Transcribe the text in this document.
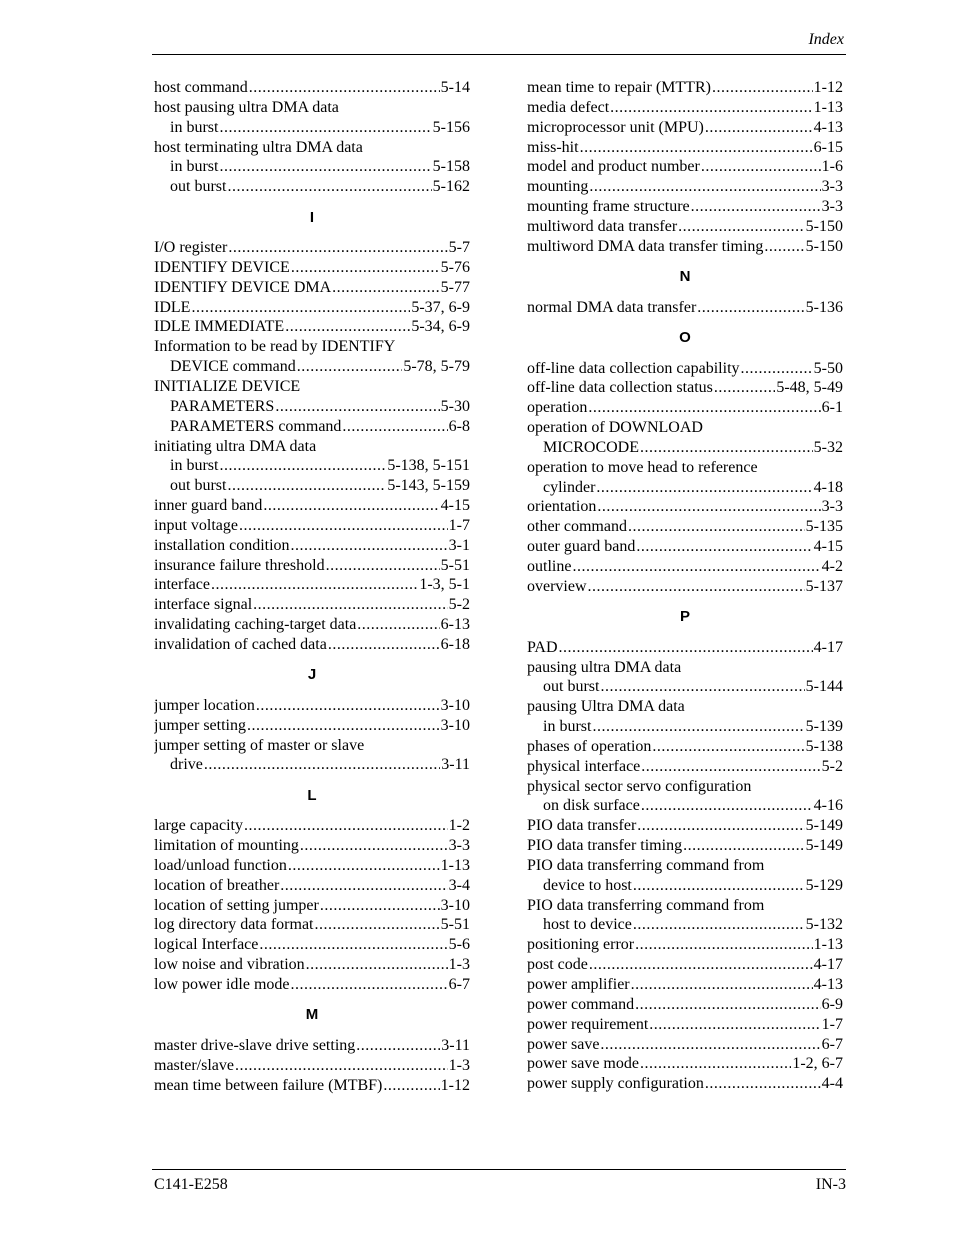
Index
host command .....	5-14
host pausing ultra DMA data
in burst .....	5-156
host terminating ultra DMA data
in burst .....	5-158
out burst .....	5-162
I
I/O register .....	5-7
IDENTIFY DEVICE .....	5-76
IDENTIFY DEVICE DMA .....	5-77
IDLE .....	5-37, 6-9
IDLE IMMEDIATE .....	5-34, 6-9
Information to be read by IDENTIFY
DEVICE command .....	5-78, 5-79
INITIALIZE DEVICE
PARAMETERS .....	5-30
PARAMETERS command .....	6-8
initiating ultra DMA data
in burst .....	5-138, 5-151
out burst .....	5-143, 5-159
inner guard band .....	4-15
input voltage .....	1-7
installation condition .....	3-1
insurance failure threshold .....	5-51
interface .....	1-3, 5-1
interface signal .....	5-2
invalidating caching-target data .....	6-13
invalidation of cached data .....	6-18
J
jumper location .....	3-10
jumper setting .....	3-10
jumper setting of master or slave
drive .....	3-11
L
large capacity .....	1-2
limitation of mounting .....	3-3
load/unload function .....	1-13
location of breather .....	3-4
location of setting jumper .....	3-10
log directory data format .....	5-51
logical Interface .....	5-6
low noise and vibration .....	1-3
low power idle mode .....	6-7
M
master drive-slave drive setting .....	3-11
master/slave .....	1-3
mean time between failure (MTBF) .....	1-12
mean time to repair (MTTR) .....	1-12
media defect .....	1-13
microprocessor unit (MPU) .....	4-13
miss-hit .....	6-15
model and product number .....	1-6
mounting .....	3-3
mounting frame structure .....	3-3
multiword data transfer .....	5-150
multiword DMA data transfer timing .....	5-150
N
normal DMA data transfer .....	5-136
O
off-line data collection capability .....	5-50
off-line data collection status .....	5-48, 5-49
operation .....	6-1
operation of DOWNLOAD
MICROCODE .....	5-32
operation to move head to reference
cylinder .....	4-18
orientation .....	3-3
other command .....	5-135
outer guard band .....	4-15
outline .....	4-2
overview .....	5-137
P
PAD .....	4-17
pausing ultra DMA data
out burst .....	5-144
pausing Ultra DMA data
in burst .....	5-139
phases of operation .....	5-138
physical interface .....	5-2
physical sector servo configuration
on disk surface .....	4-16
PIO data transfer .....	5-149
PIO data transfer timing .....	5-149
PIO data transferring command from
device to host .....	5-129
PIO data transferring command from
host to device .....	5-132
positioning error .....	1-13
post code .....	4-17
power amplifier .....	4-13
power command .....	6-9
power requirement .....	1-7
power save .....	6-7
power save mode .....	1-2, 6-7
power supply configuration .....	4-4
C141-E258	IN-3
